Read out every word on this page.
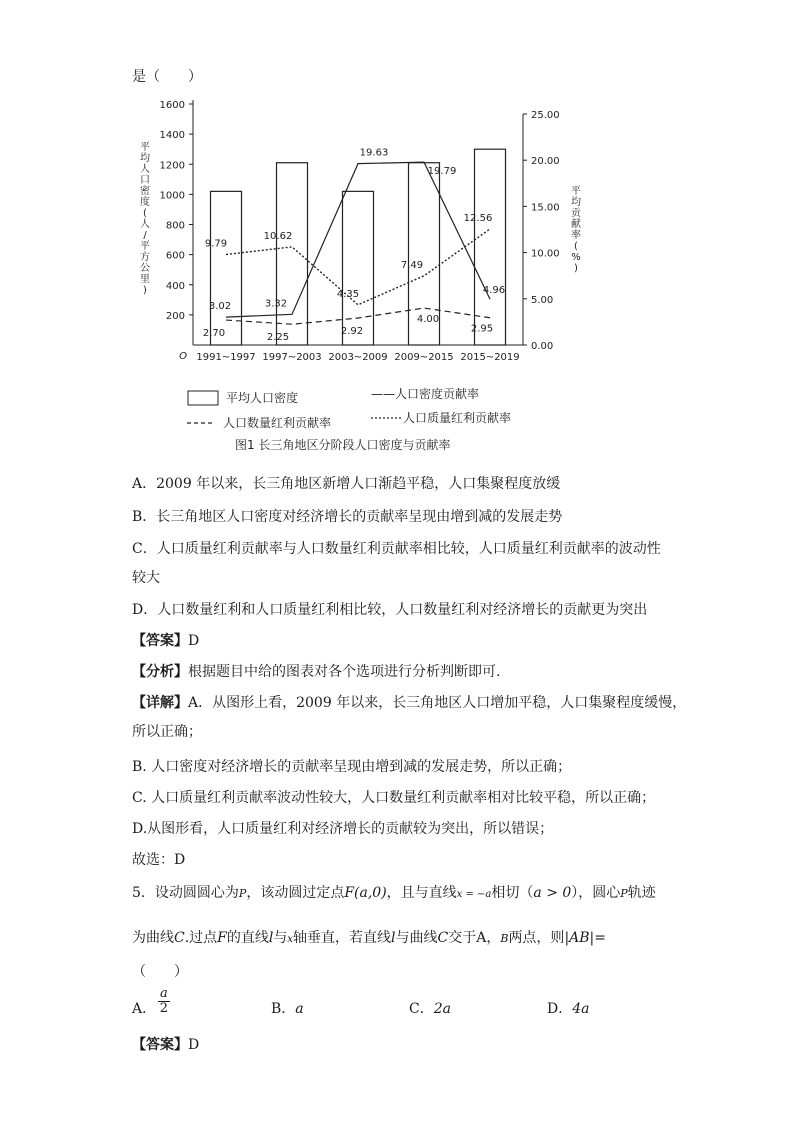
是（　　）
200
400
600
800
1000
1200
1400
1600
0.00
5.00
10.00
15.00
20.00
25.00
O
平
均
人
口
密
度
(
人
/
平
方
公
里
)
平
均
贡
献
率
(
%
)
1991~1997 1997~2003 2003~2009 2009~2015 2015~2019
3.02	3.32
19.63
19.79
4.96
2.70	2.25
2.92
4.00
2.95
9.79
10.62
4.35
7.49
12.56
平均人口密度	——人口密度贡献率
人口数量红利贡献率	人口质量红利贡献率
图1 长三角地区分阶段人口密度与贡献率
A．2009 年以来，长三角地区新增人口渐趋平稳，人口集聚程度放缓
B．长三角地区人口密度对经济增长的贡献率呈现由增到减的发展走势
C．人口质量红利贡献率与人口数量红利贡献率相比较，人口质量红利贡献率的波动性
较大
D．人口数量红利和人口质量红利相比较，人口数量红利对经济增长的贡献更为突出
【答案】D
【分析】根据题目中给的图表对各个选项进行分析判断即可.
【详解】A．从图形上看，2009 年以来，长三角地区人口增加平稳，人口集聚程度缓慢，
所以正确；
B. 人口密度对经济增长的贡献率呈现由增到减的发展走势，所以正确；
C. 人口质量红利贡献率波动性较大，人口数量红利贡献率相对比较平稳，所以正确；
D.从图形看，人口质量红利对经济增长的贡献较为突出，所以错误；
故选：D
5．设动圆圆心为P，该动圆过定点F(a,0)，且与直线x = −a相切（a > 0），圆心P轨迹
为曲线C.过点F的直线l与x轴垂直，若直线l与曲线C交于A，B两点，则|AB|=
（　　）
A． $\frac{a}{2}$	B．a	C．2a	D．4a
【答案】D
